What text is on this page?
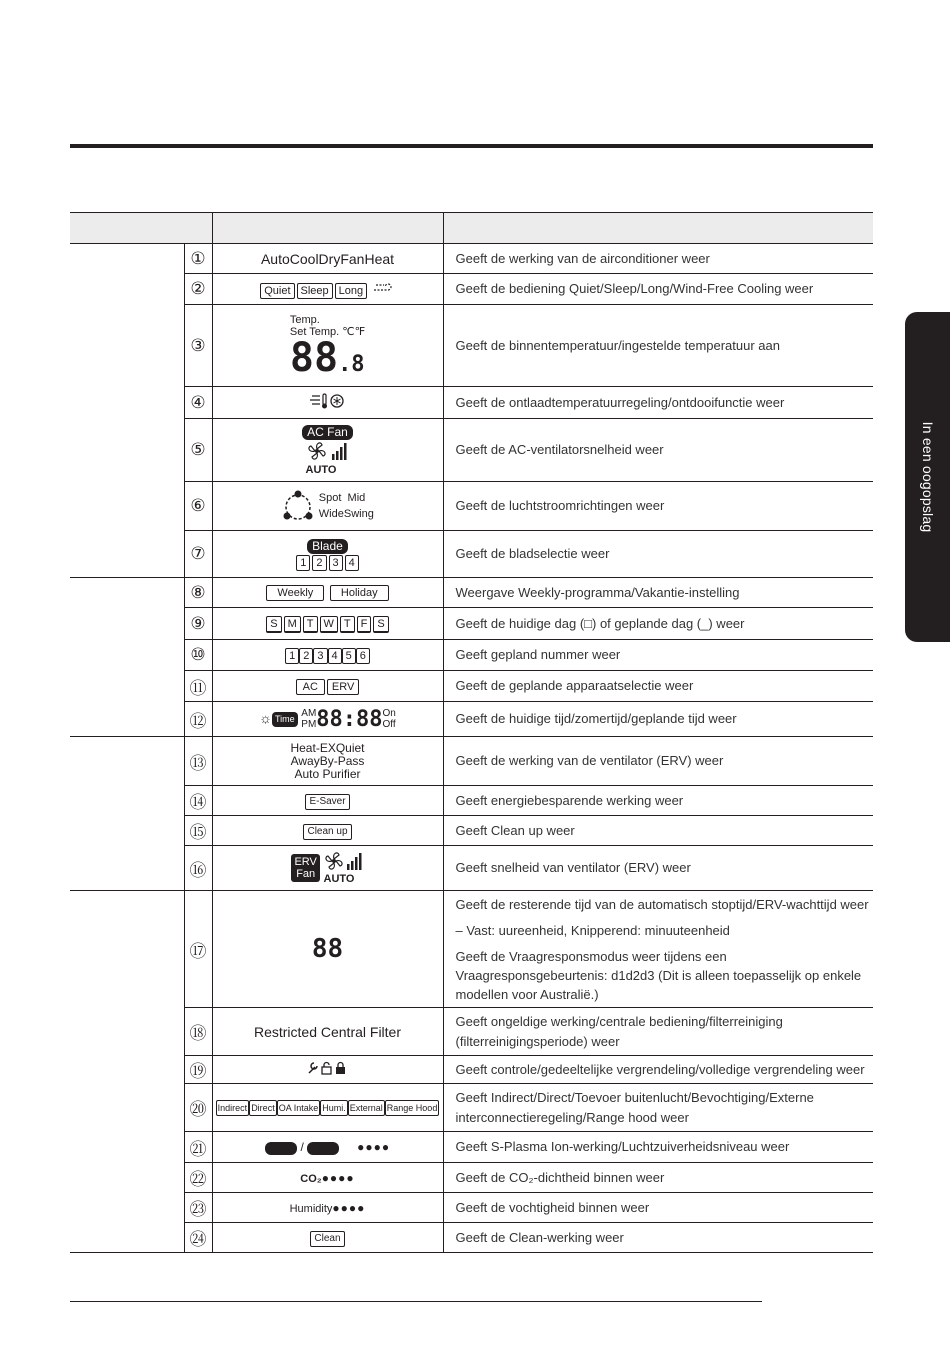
In een oogopslag

	①	AutoCoolDryFanHeat	Geeft de werking van de airconditioner weer
	②	Quiet Sleep Long	Geeft de bediening Quiet/Sleep/Long/Wind-Free Cooling weer
	③	Temp.
Set Temp. ℃℉
88.8	Geeft de binnentemperatuur/ingestelde temperatuur aan
	④		Geeft de ontlaadtemperatuurregeling/ontdooifunctie weer
	⑤	AC Fan
AUTO	Geeft de AC-ventilatorsnelheid weer
	⑥	Spot  Mid
WideSwing	Geeft de luchtstroomrichtingen weer
	⑦	Blade
1 2 3 4	Geeft de bladselectie weer
	⑧	Weekly Holiday	Weergave Weekly-programma/Vakantie-instelling
	⑨	S M T W T F S	Geeft de huidige dag (□) of geplande dag (_) weer
	⑩	1 2 3 4 5 6	Geeft gepland nummer weer
	⑪	AC ERV	Geeft de geplande apparaatselectie weer
	⑫	☼ Time AM
PM88:88On
Off	Geeft de huidige tijd/zomertijd/geplande tijd weer
	⑬	Heat-EXQuiet
AwayBy-Pass
Auto Purifier	Geeft de werking van de ventilator (ERV) weer
	⑭	E-Saver	Geeft energiebesparende werking weer
	⑮	Clean up	Geeft Clean up weer
	⑯	ERV
Fan AUTO	Geeft snelheid van ventilator (ERV) weer
	⑰	88	Geeft de resterende tijd van de automatisch stoptijd/ERV-wachttijd weer
– Vast: uureenheid, Knipperend: minuuteenheid
Geeft de Vraagresponsmodus weer tijdens een Vraagresponsgebeurtenis: d1d2d3 (Dit is alleen toepasselijk op enkele modellen voor Australië.)

	⑱	Restricted Central Filter	Geeft ongeldige werking/centrale bediening/filterreiniging (filterreinigingsperiode) weer
	⑲		Geeft controle/gedeeltelijke vergrendeling/volledige vergrendeling weer
	⑳	Indirect Direct OA Intake Humi. External Range Hood	Geeft Indirect/Direct/Toevoer buitenlucht/Bevochtiging/Externe interconnectieregeling/Range hood weer
	㉑	/ ●●●●	Geeft S-Plasma Ion-werking/Luchtzuiverheidsniveau weer
	㉒	CO₂●●●●	Geeft de CO₂-dichtheid binnen weer
	㉓	Humidity●●●●	Geeft de vochtigheid binnen weer
	㉔	Clean	Geeft de Clean-werking weer
